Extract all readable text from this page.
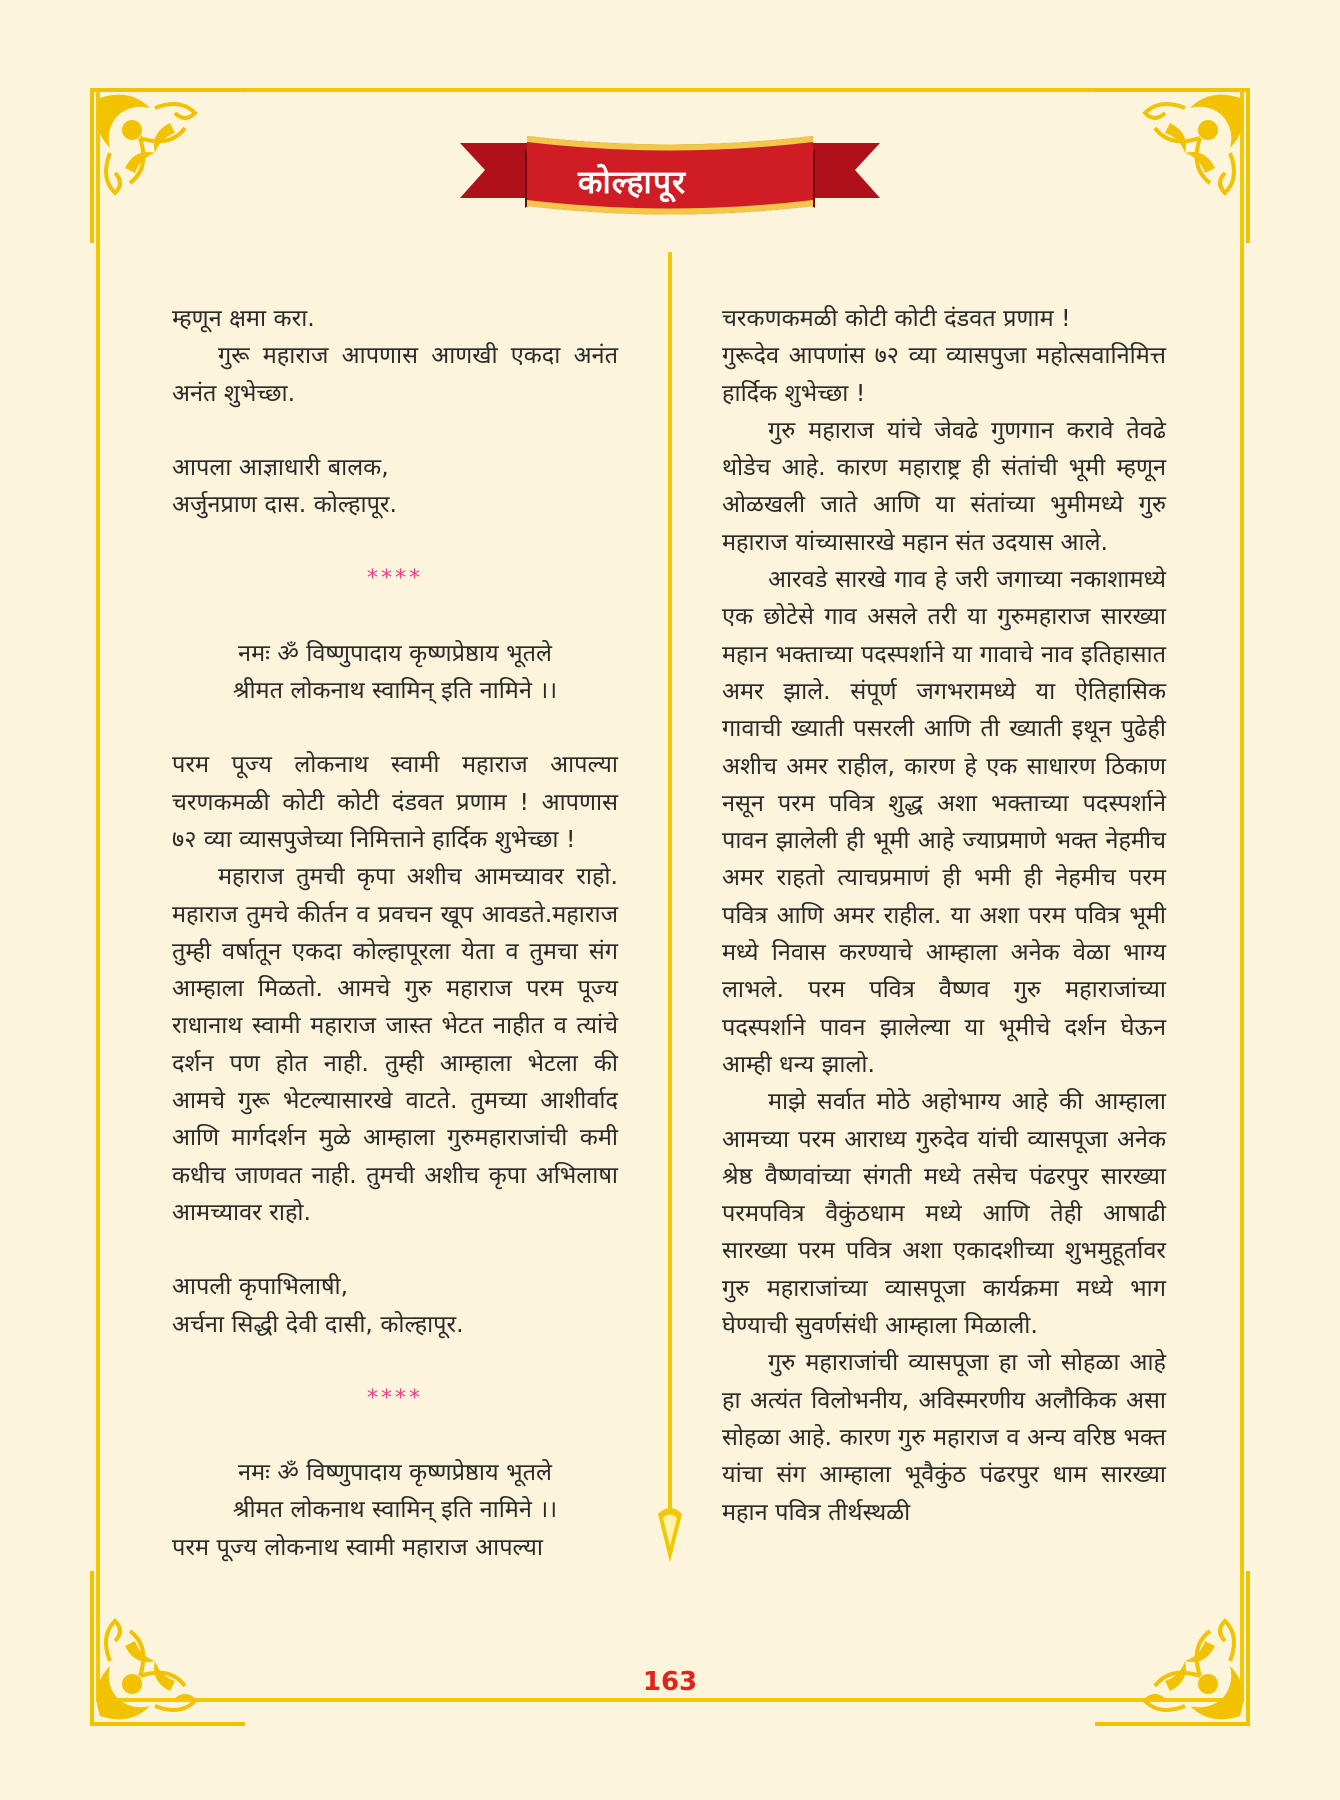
कोल्हापूर

म्हणून क्षमा करा.

गुरू महाराज आपणास आणखी एकदा अनंत अनंत शुभेच्छा.

आपला आज्ञाधारी बालक,

अर्जुनप्राण दास. कोल्हापूर.

****

नमः ॐ विष्णुपादाय कृष्णप्रेष्ठाय भूतले

श्रीमत लोकनाथ स्वामिन् इति नामिने ।।

परम पूज्य लोकनाथ स्वामी महाराज आपल्या चरणकमळी कोटी कोटी दंडवत प्रणाम ! आपणास ७२ व्या व्यासपुजेच्या निमित्ताने हार्दिक शुभेच्छा !

महाराज तुमची कृपा अशीच आमच्यावर राहो. महाराज तुमचे कीर्तन व प्रवचन खूप आवडते.महाराज तुम्ही वर्षातून एकदा कोल्हापूरला येता व तुमचा संग आम्हाला मिळतो. आमचे गुरु महाराज परम पूज्य राधानाथ स्वामी महाराज जास्त भेटत नाहीत व त्यांचे दर्शन पण होत नाही. तुम्ही आम्हाला भेटला की आमचे गुरू भेटल्यासारखे वाटते. तुमच्या आशीर्वाद आणि मार्गदर्शन मुळे आम्हाला गुरुमहाराजांची कमी कधीच जाणवत नाही. तुमची अशीच कृपा अभिलाषा आमच्यावर राहो.

आपली कृपाभिलाषी,

अर्चना सिद्धी देवी दासी, कोल्हापूर.

****

नमः ॐ विष्णुपादाय कृष्णप्रेष्ठाय भूतले

श्रीमत लोकनाथ स्वामिन् इति नामिने ।।

परम पूज्य लोकनाथ स्वामी महाराज आपल्या

चरकणकमळी कोटी कोटी दंडवत प्रणाम !

गुरूदेव आपणांस ७२ व्या व्यासपुजा महोत्सवानिमित्त हार्दिक शुभेच्छा !

गुरु महाराज यांचे जेवढे गुणगान करावे तेवढे थोडेच आहे. कारण महाराष्ट्र ही संतांची भूमी म्हणून ओळखली जाते आणि या संतांच्या भुमीमध्ये गुरु महाराज यांच्यासारखे महान संत उदयास आले.

आरवडे सारखे गाव हे जरी जगाच्या नकाशामध्ये एक छोटेसे गाव असले तरी या गुरुमहाराज सारख्या महान भक्ताच्या पदस्पर्शाने या गावाचे नाव इतिहासात अमर झाले. संपूर्ण जगभरामध्ये या ऐतिहासिक गावाची ख्याती पसरली आणि ती ख्याती इथून पुढेही अशीच अमर राहील, कारण हे एक साधारण ठिकाण नसून परम पवित्र शुद्ध अशा भक्ताच्या पदस्पर्शाने पावन झालेली ही भूमी आहे ज्याप्रमाणे भक्त नेहमीच अमर राहतो त्याचप्रमाणं ही भमी ही नेहमीच परम पवित्र आणि अमर राहील. या अशा परम पवित्र भूमी मध्ये निवास करण्याचे आम्हाला अनेक वेळा भाग्य लाभले. परम पवित्र वैष्णव गुरु महाराजांच्या पदस्पर्शाने पावन झालेल्या या भूमीचे दर्शन घेऊन आम्ही धन्य झालो.

माझे सर्वात मोठे अहोभाग्य आहे की आम्हाला आमच्या परम आराध्य गुरुदेव यांची व्यासपूजा अनेक श्रेष्ठ वैष्णवांच्या संगती मध्ये तसेच पंढरपुर सारख्या परमपवित्र वैकुंठधाम मध्ये आणि तेही आषाढी सारख्या परम पवित्र अशा एकादशीच्या शुभमुहूर्तावर गुरु महाराजांच्या व्यासपूजा कार्यक्रमा मध्ये भाग घेण्याची सुवर्णसंधी आम्हाला मिळाली.

गुरु महाराजांची व्यासपूजा हा जो सोहळा आहे हा अत्यंत विलोभनीय, अविस्मरणीय अलौकिक असा सोहळा आहे. कारण गुरु महाराज व अन्य वरिष्ठ भक्त यांचा संग आम्हाला भूवैकुंठ पंढरपुर धाम सारख्या महान पवित्र तीर्थस्थळी

163
